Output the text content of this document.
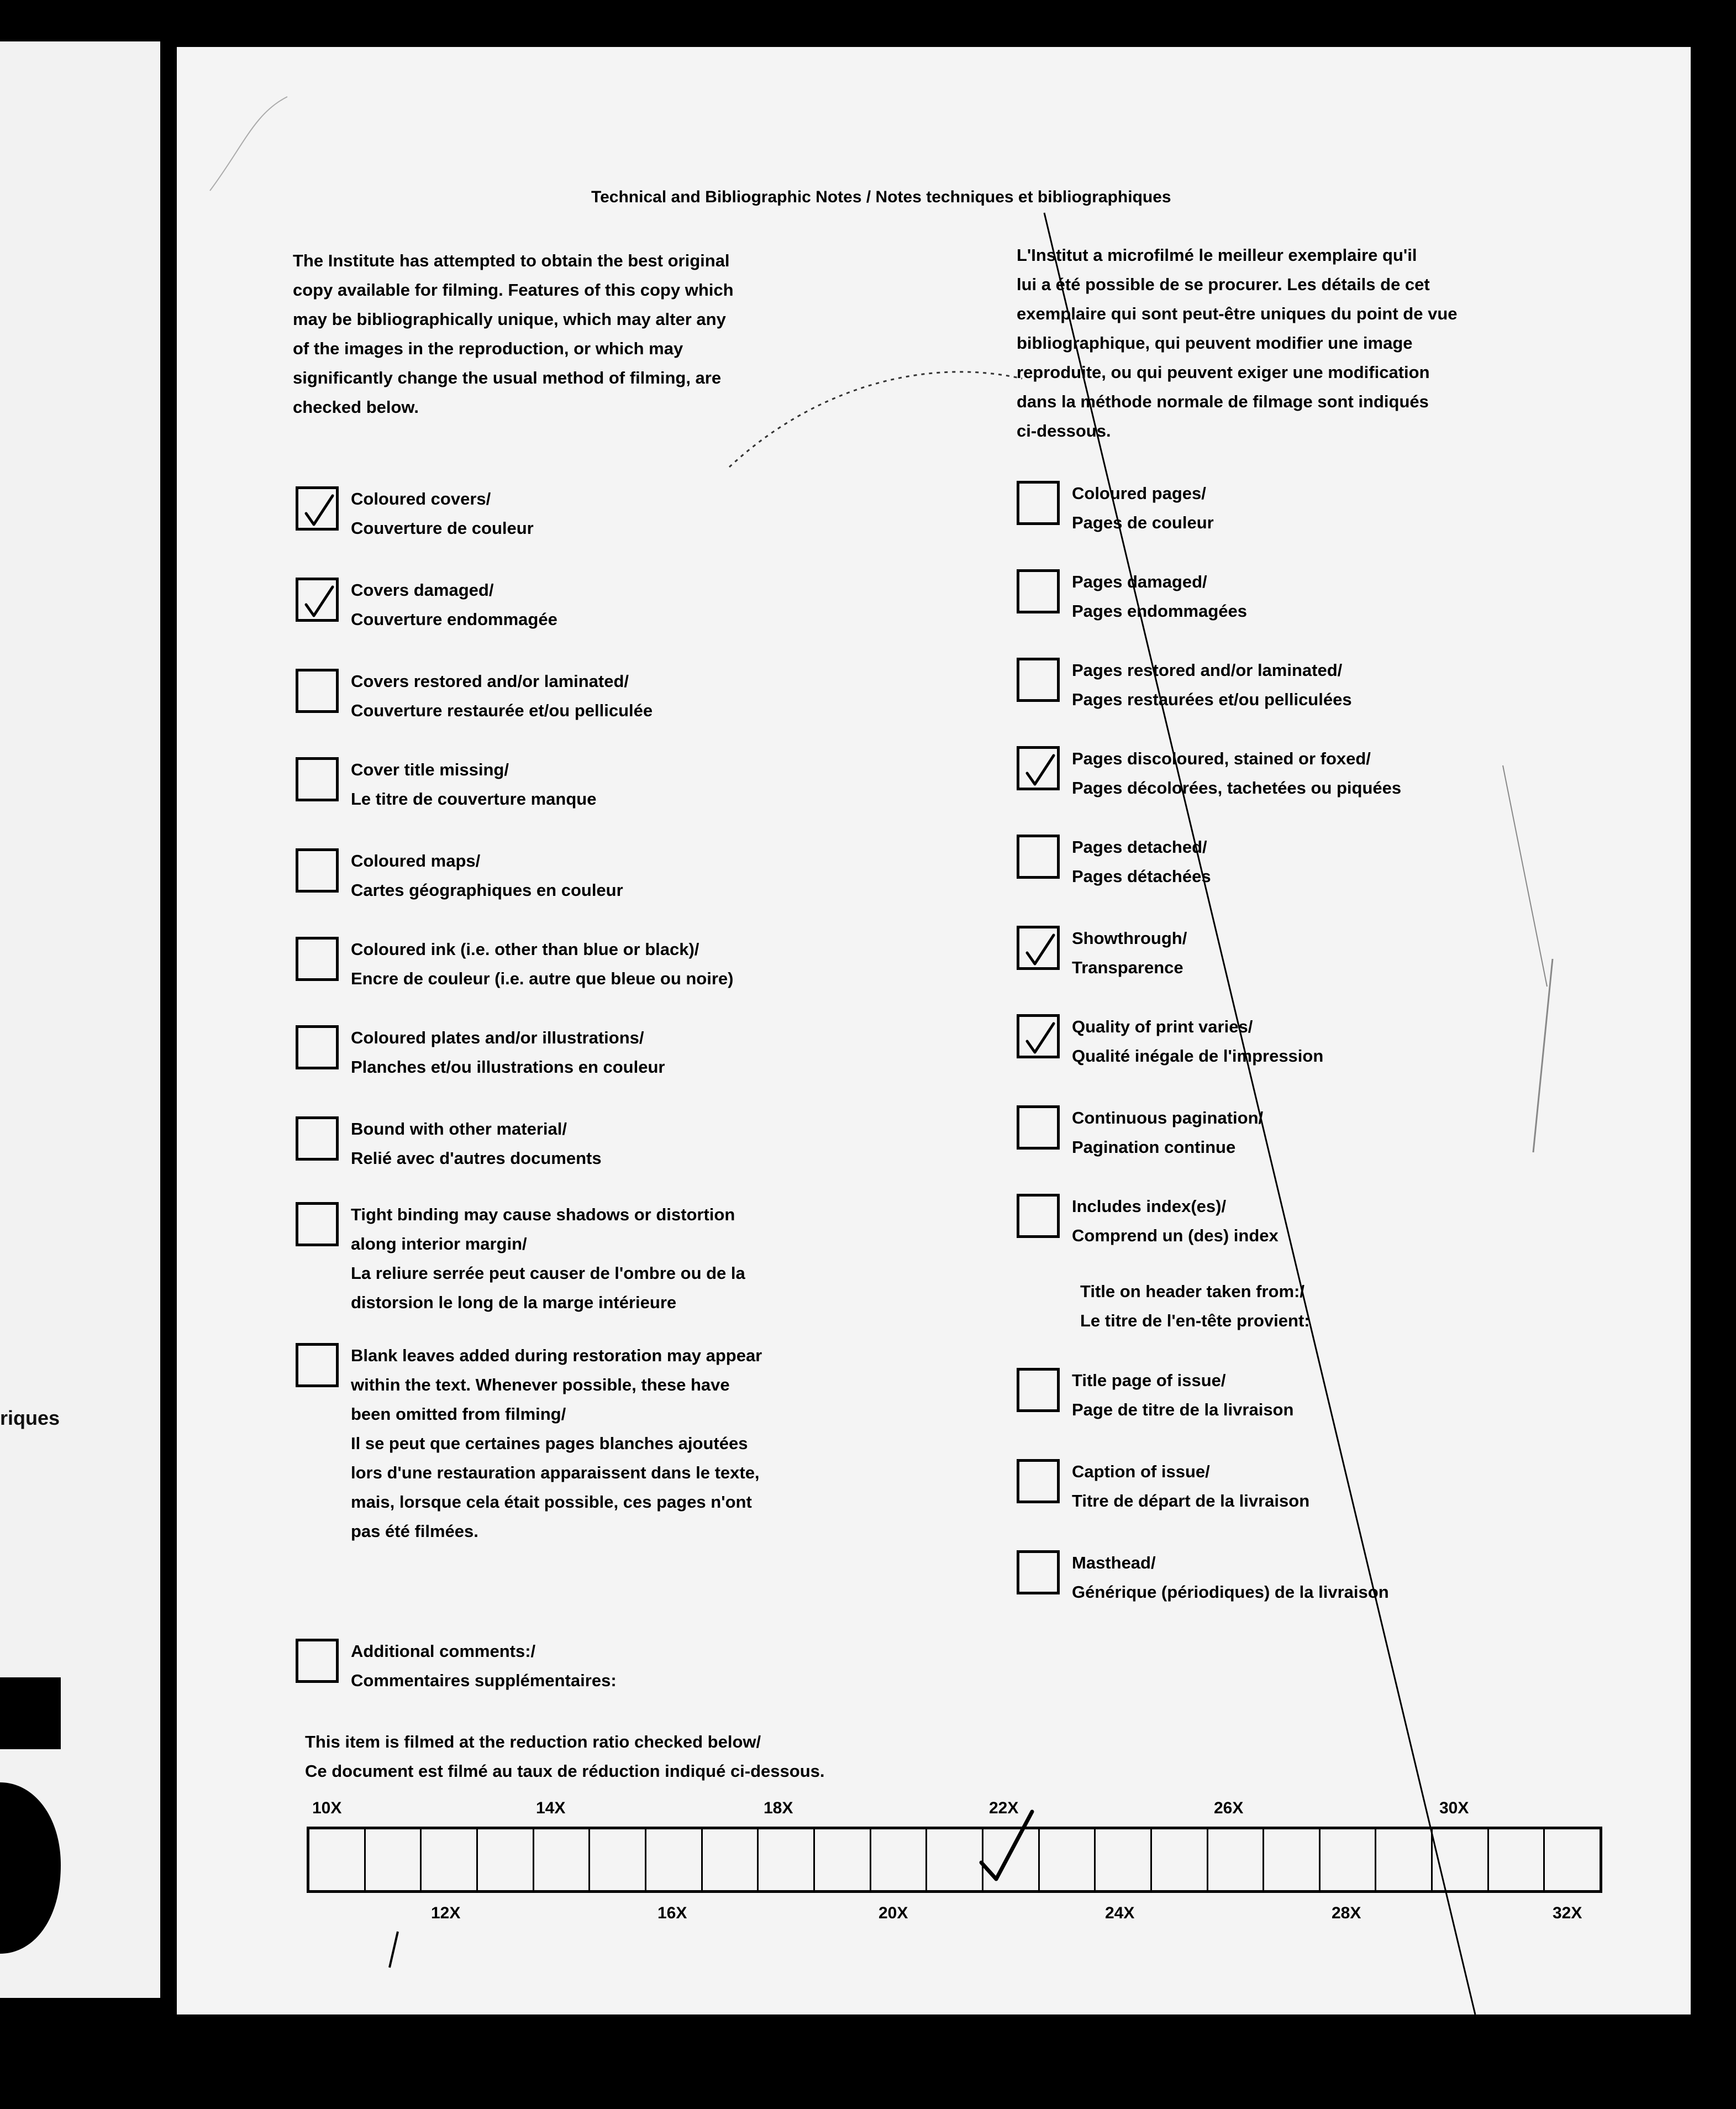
riques
Technical and Bibliographic Notes / Notes techniques et bibliographiques
The Institute has attempted to obtain the best original
copy available for filming. Features of this copy which
may be bibliographically unique, which may alter any
of the images in the reproduction, or which may
significantly change the usual method of filming, are
checked below.
L'Institut a microfilmé le meilleur exemplaire qu'il
lui a été possible de se procurer. Les détails de cet
exemplaire qui sont peut-être uniques du point de vue
bibliographique, qui peuvent modifier une image
reproduite, ou qui peuvent exiger une modification
dans la méthode normale de filmage sont indiqués
ci-dessous.
Coloured covers/
Couverture de couleur
Covers damaged/
Couverture endommagée
Covers restored and/or laminated/
Couverture restaurée et/ou pelliculée
Cover title missing/
Le titre de couverture manque
Coloured maps/
Cartes géographiques en couleur
Coloured ink (i.e. other than blue or black)/
Encre de couleur (i.e. autre que bleue ou noire)
Coloured plates and/or illustrations/
Planches et/ou illustrations en couleur
Bound with other material/
Relié avec d'autres documents
Tight binding may cause shadows or distortion
along interior margin/
La reliure serrée peut causer de l'ombre ou de la
distorsion le long de la marge intérieure
Blank leaves added during restoration may appear
within the text. Whenever possible, these have
been omitted from filming/
Il se peut que certaines pages blanches ajoutées
lors d'une restauration apparaissent dans le texte,
mais, lorsque cela était possible, ces pages n'ont
pas été filmées.
Additional comments:/
Commentaires supplémentaires:
Coloured pages/
Pages de couleur
Pages damaged/
Pages endommagées
Pages restored and/or laminated/
Pages restaurées et/ou pelliculées
Pages discoloured, stained or foxed/
Pages décolorées, tachetées ou piquées
Pages detached/
Pages détachées
Showthrough/
Transparence
Quality of print varies/
Qualité inégale de l'impression
Continuous pagination/
Pagination continue
Includes index(es)/
Comprend un (des) index
Title page of issue/
Page de titre de la livraison
Caption of issue/
Titre de départ de la livraison
Masthead/
Générique (périodiques) de la livraison
Title on header taken from:/
Le titre de l'en-tête provient:
This item is filmed at the reduction ratio checked below/
Ce document est filmé au taux de réduction indiqué ci-dessous.
10X	14X	18X	22X	26X	30X
12X	16X	20X	24X	28X	32X
